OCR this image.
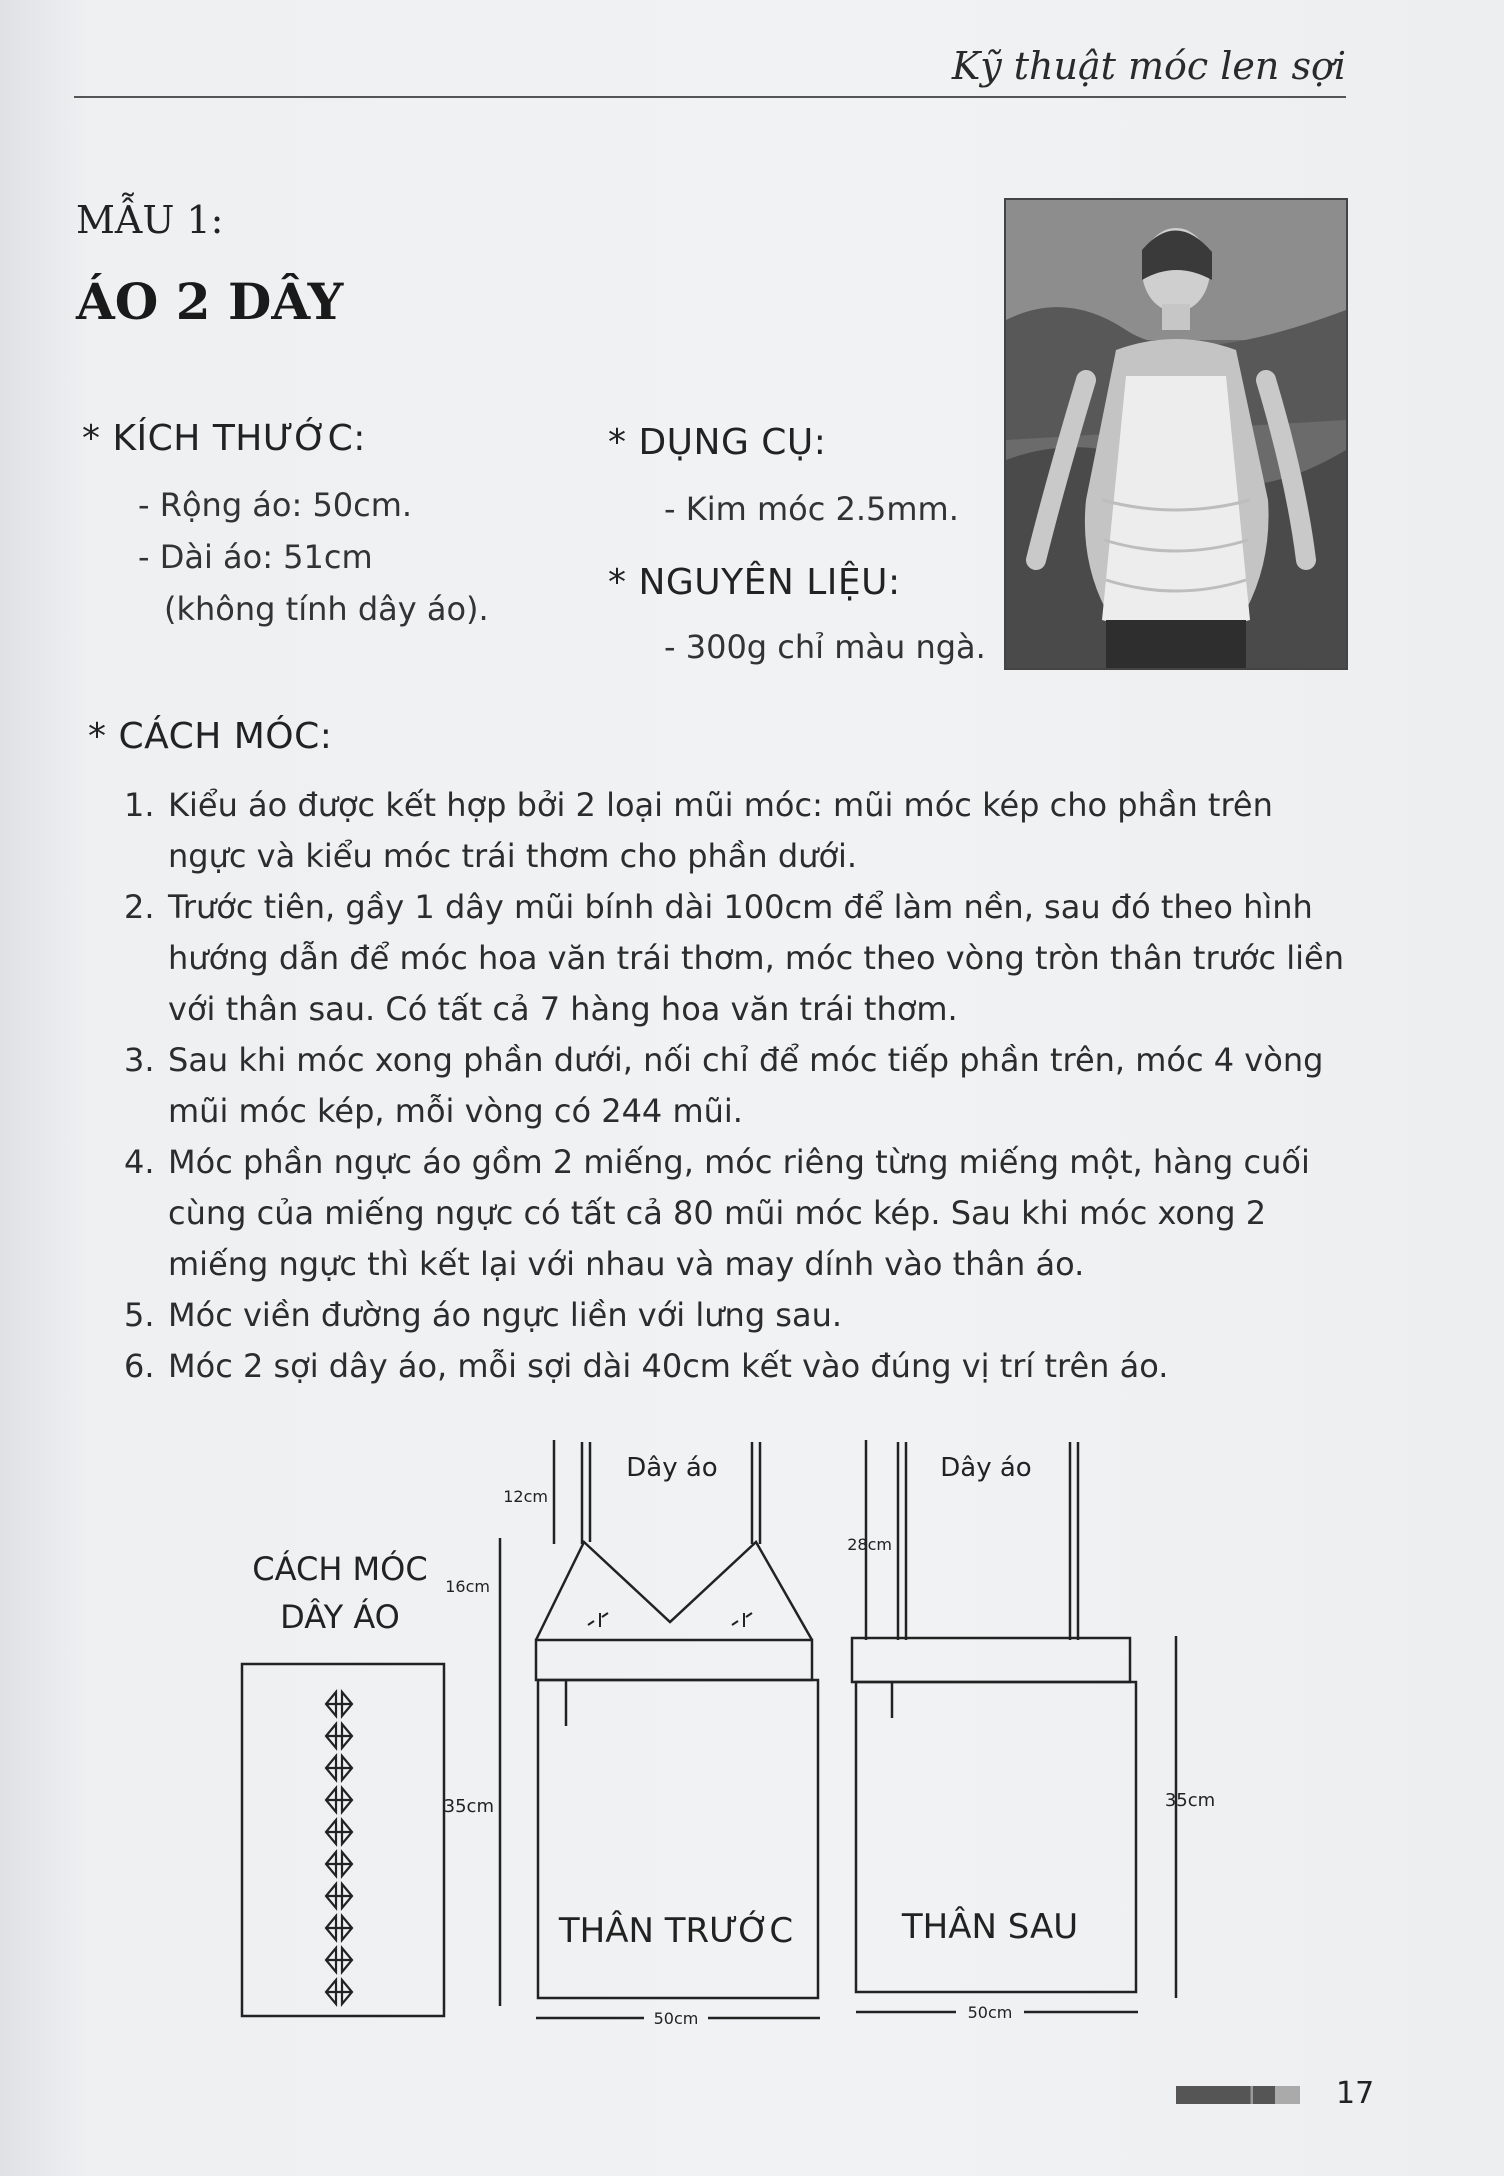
Kỹ thuật móc len sợi
MẪU 1:
ÁO 2 DÂY
* KÍCH THƯỚC:
- Rộng áo: 50cm.
- Dài áo: 51cm
(không tính dây áo).
* DỤNG CỤ:
- Kim móc 2.5mm.
* NGUYÊN LIỆU:
- 300g chỉ màu ngà.
* CÁCH MÓC:
1. Kiểu áo được kết hợp bởi 2 loại mũi móc: mũi móc kép cho phần trên
ngực và kiểu móc trái thơm cho phần dưới.
2. Trước tiên, gầy 1 dây mũi bính dài 100cm để làm nền, sau đó theo hình
hướng dẫn để móc hoa văn trái thơm, móc theo vòng tròn thân trước liền
với thân sau. Có tất cả 7 hàng hoa văn trái thơm.
3. Sau khi móc xong phần dưới, nối chỉ để móc tiếp phần trên, móc 4 vòng
mũi móc kép, mỗi vòng có 244 mũi.
4. Móc phần ngực áo gồm 2 miếng, móc riêng từng miếng một, hàng cuối
cùng của miếng ngực có tất cả 80 mũi móc kép. Sau khi móc xong 2
miếng ngực thì kết lại với nhau và may dính vào thân áo.
5. Móc viền đường áo ngực liền với lưng sau.
6. Móc 2 sợi dây áo, mỗi sợi dài 40cm kết vào đúng vị trí trên áo.
CÁCH MÓC
DÂY ÁO
Dây áo
12cm
16cm
35cm
THÂN TRƯỚC
50cm
Dây áo
28cm
35cm
THÂN SAU
50cm
17
